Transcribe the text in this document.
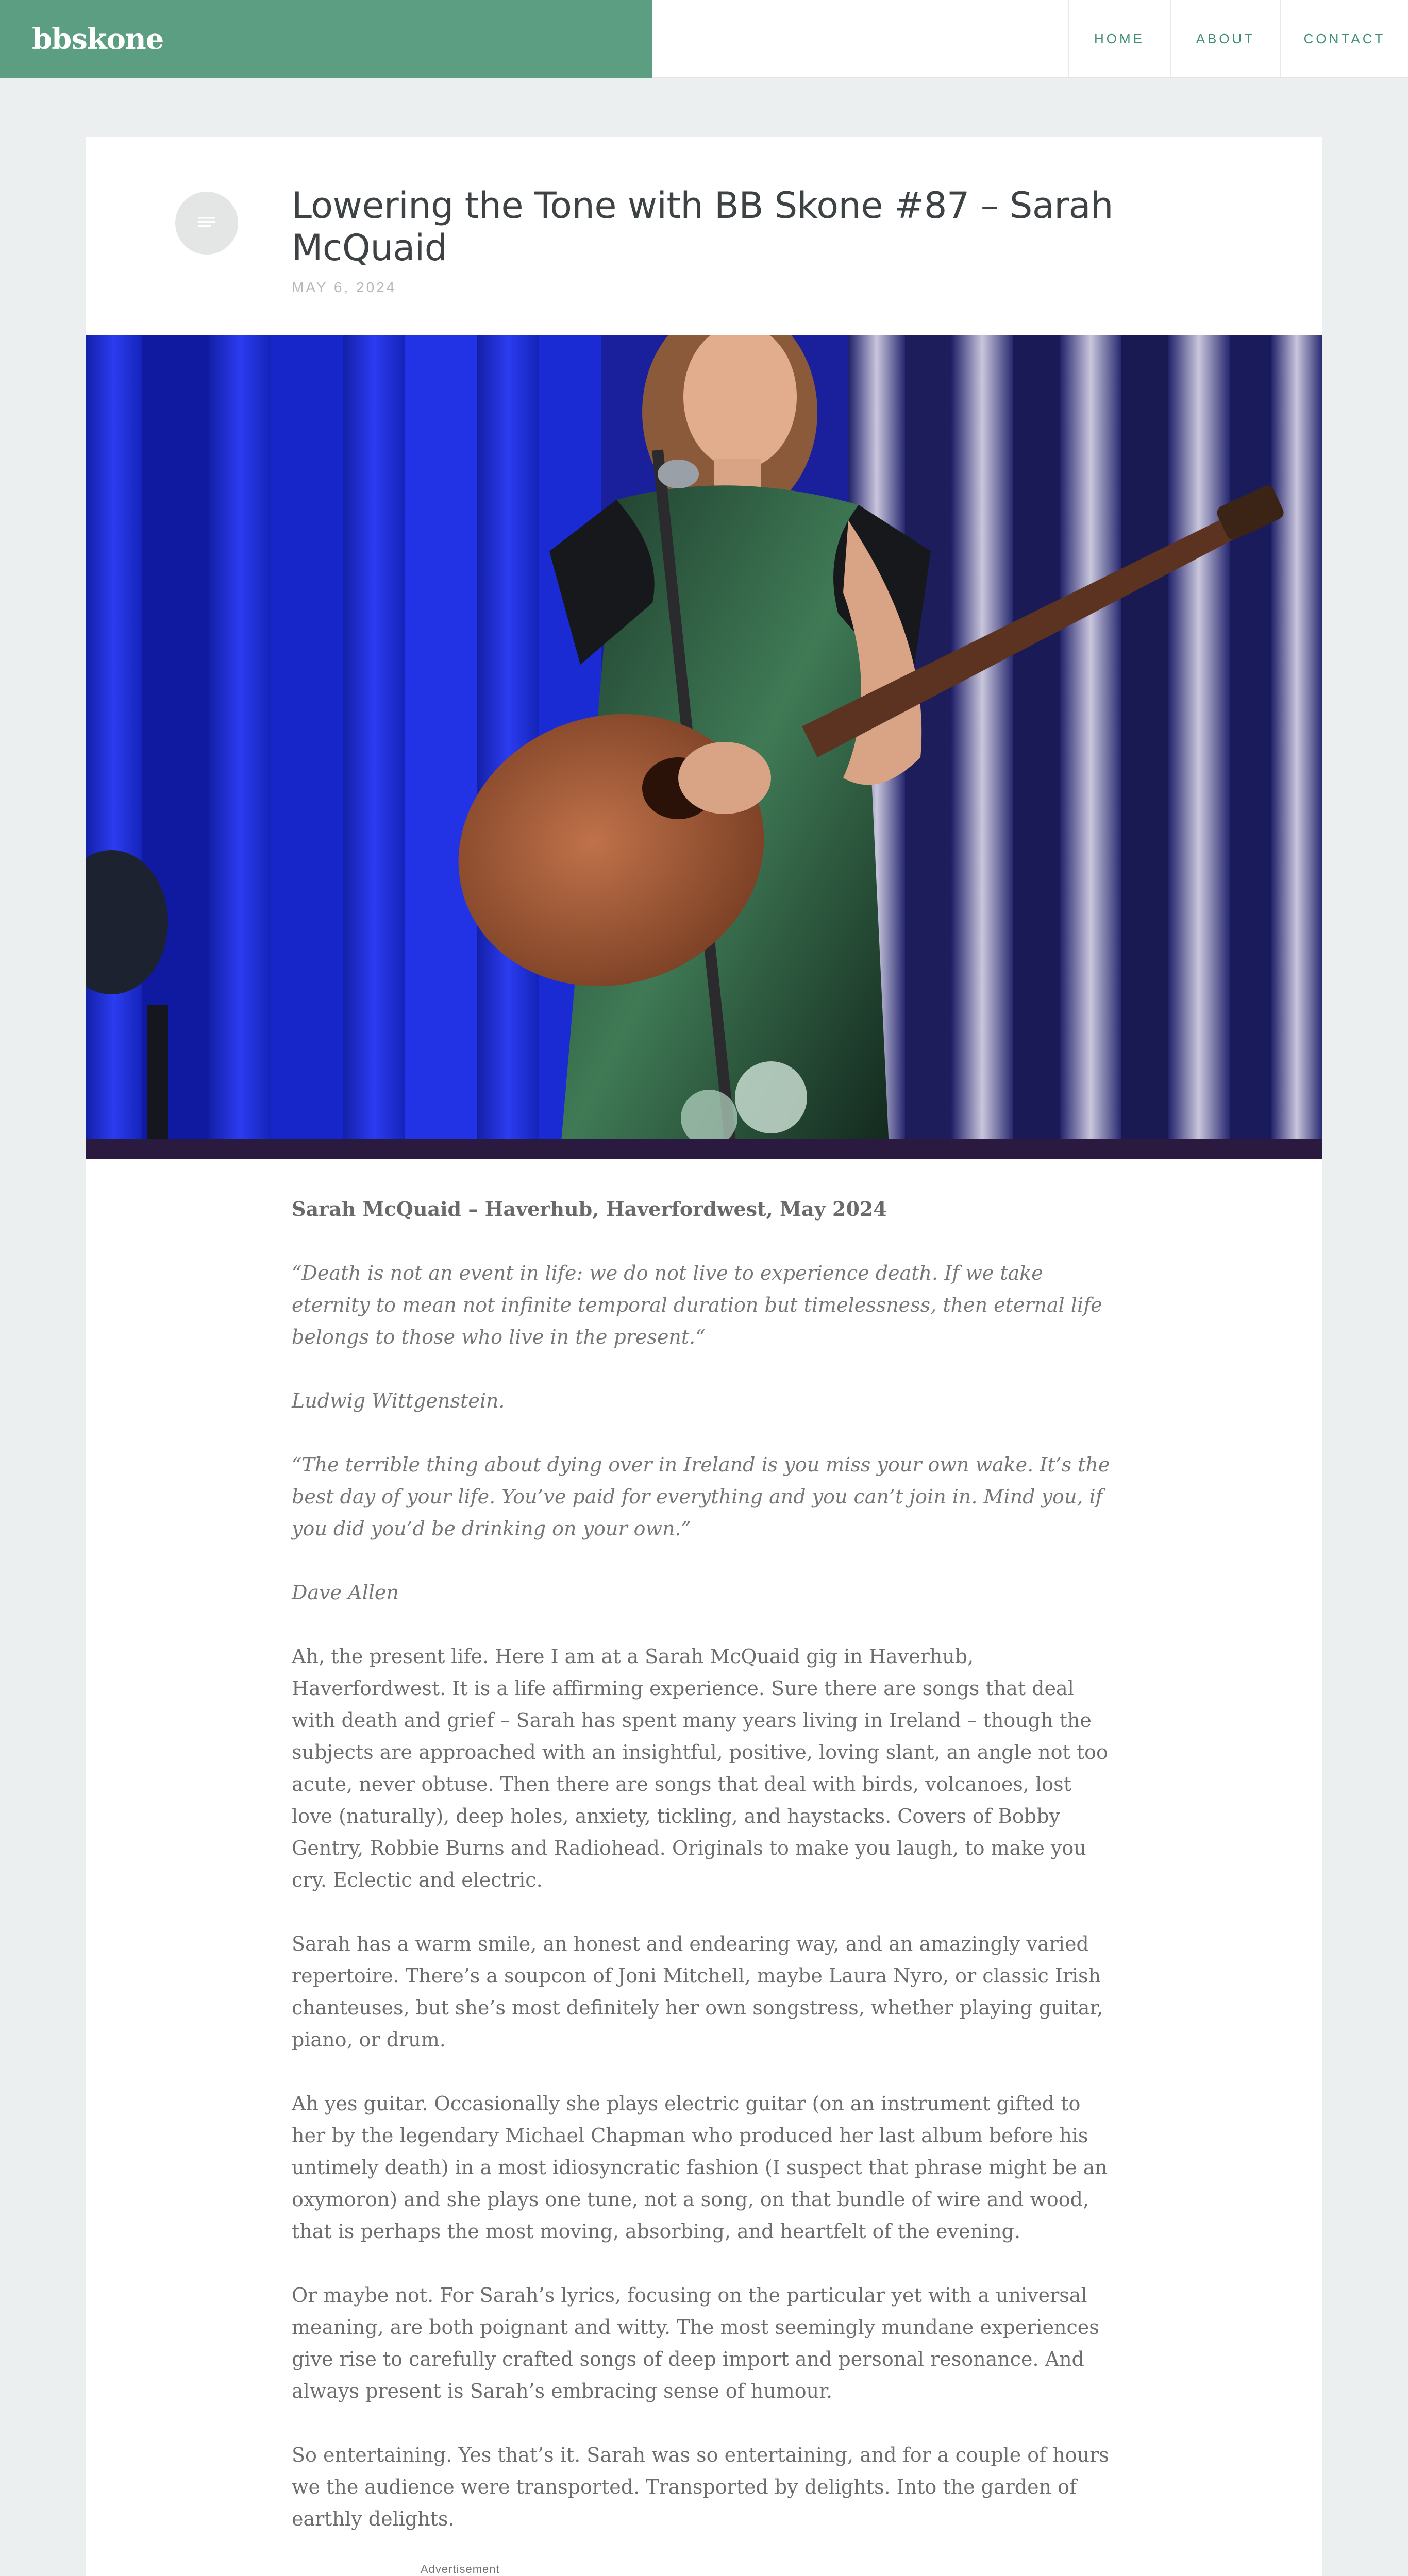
bbskone	HOME	ABOUT	CONTACT
Lowering the Tone with BB Skone #87 – Sarah McQuaid
MAY 6, 2024

Sarah McQuaid – Haverhub, Haverfordwest, May 2024

“Death is not an event in life: we do not live to experience death. If we take eternity to mean not infinite temporal duration but timelessness, then eternal life belongs to those who live in the present.“

Ludwig Wittgenstein.

“The terrible thing about dying over in Ireland is you miss your own wake. It’s the best day of your life. You’ve paid for everything and you can’t join in. Mind you, if you did you’d be drinking on your own.”

Dave Allen

Ah, the present life. Here I am at a Sarah McQuaid gig in Haverhub, Haverfordwest. It is a life affirming experience. Sure there are songs that deal with death and grief – Sarah has spent many years living in Ireland – though the subjects are approached with an insightful, positive, loving slant, an angle not too acute, never obtuse. Then there are songs that deal with birds, volcanoes, lost love (naturally), deep holes, anxiety, tickling, and haystacks. Covers of Bobby Gentry, Robbie Burns and Radiohead. Originals to make you laugh, to make you cry. Eclectic and electric.

Sarah has a warm smile, an honest and endearing way, and an amazingly varied repertoire. There’s a soupcon of Joni Mitchell, maybe Laura Nyro, or classic Irish chanteuses, but she’s most definitely her own songstress, whether playing guitar, piano, or drum.

Ah yes guitar. Occasionally she plays electric guitar (on an instrument gifted to her by the legendary Michael Chapman who produced her last album before his untimely death) in a most idiosyncratic fashion (I suspect that phrase might be an oxymoron) and she plays one tune, not a song, on that bundle of wire and wood, that is perhaps the most moving, absorbing, and heartfelt of the evening.

Or maybe not. For Sarah’s lyrics, focusing on the particular yet with a universal meaning, are both poignant and witty. The most seemingly mundane experiences give rise to carefully crafted songs of deep import and personal resonance. And always present is Sarah’s embracing sense of humour.

So entertaining. Yes that’s it. Sarah was so entertaining, and for a couple of hours we the audience were transported. Transported by delights. Into the garden of earthly delights.

Advertisement
